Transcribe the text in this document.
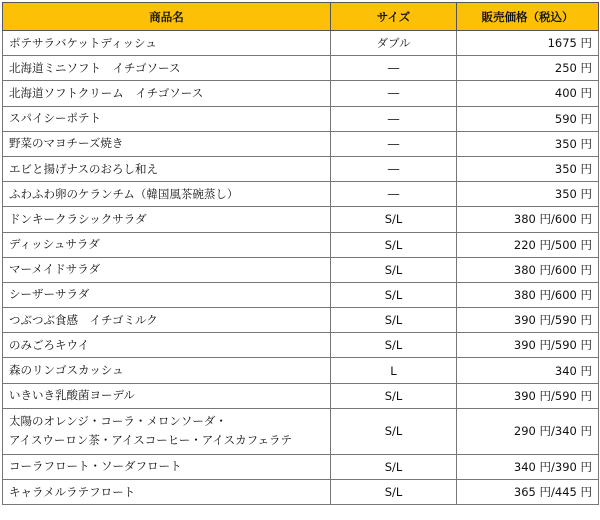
商品名	サイズ	販売価格（税込）

ポテサラバケットディッシュ	ダブル	1675 円

北海道ミニソフト　イチゴソース	―	250 円

北海道ソフトクリーム　イチゴソース	―	400 円

スパイシーポテト	―	590 円

野菜のマヨチーズ焼き	―	350 円

エビと揚げナスのおろし和え	―	350 円

ふわふわ卵のケランチム（韓国風茶碗蒸し）	―	350 円

ドンキークラシックサラダ	S/L	380 円/600 円

ディッシュサラダ	S/L	220 円/500 円

マーメイドサラダ	S/L	380 円/600 円

シーザーサラダ	S/L	380 円/600 円

つぶつぶ食感　イチゴミルク	S/L	390 円/590 円

のみごろキウイ	S/L	390 円/590 円

森のリンゴスカッシュ	L	340 円

いきいき乳酸菌ヨーデル	S/L	390 円/590 円

太陽のオレンジ・コーラ・メロンソーダ・
アイスウーロン茶・アイスコーヒー・アイスカフェラテ	S/L	290 円/340 円

コーラフロート・ソーダフロート	S/L	340 円/390 円

キャラメルラテフロート	S/L	365 円/445 円
